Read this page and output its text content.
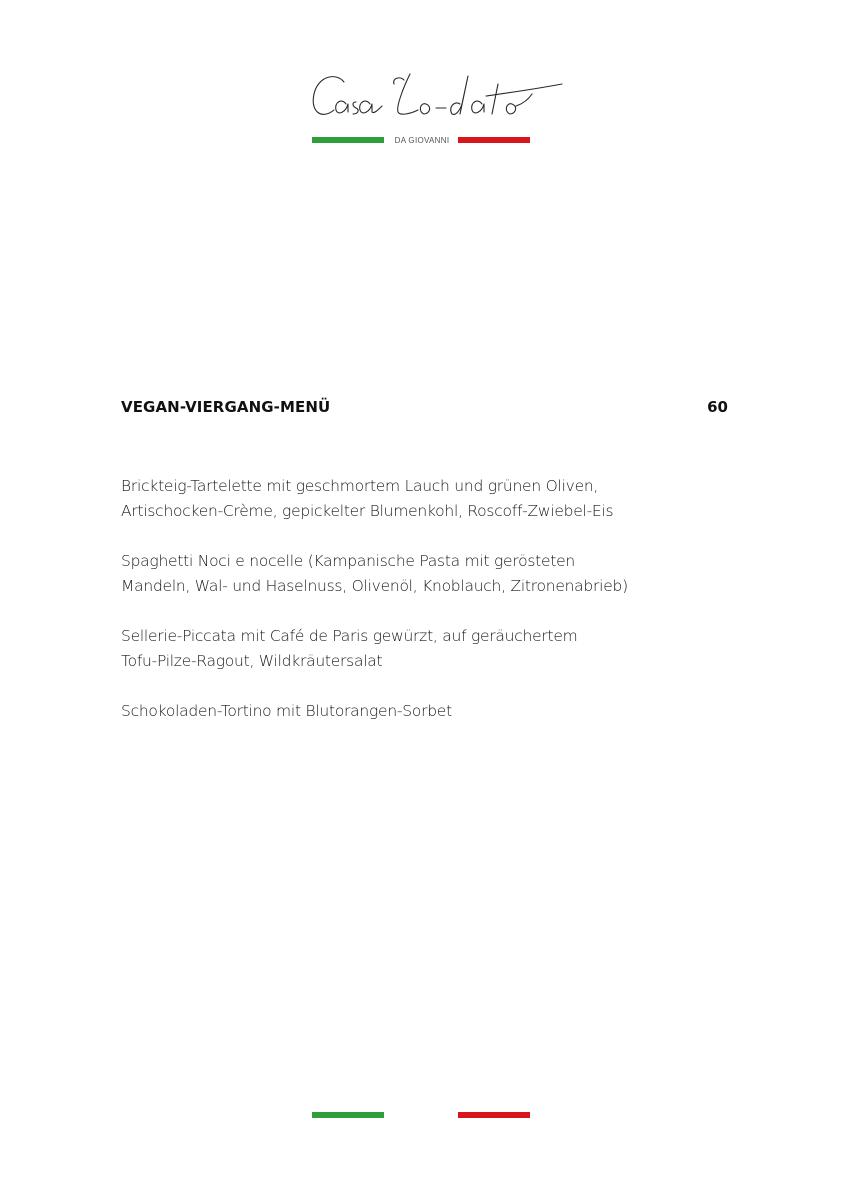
DA GIOVANNI
VEGAN-VIERGANG-MENÜ	60
Brickteig-Tartelette mit geschmortem Lauch und grünen Oliven,
Artischocken-Crème, gepickelter Blumenkohl, Roscoff-Zwiebel-Eis
Spaghetti Noci e nocelle (Kampanische Pasta mit gerösteten
Mandeln, Wal- und Haselnuss, Olivenöl, Knoblauch, Zitronenabrieb)
Sellerie-Piccata mit Café de Paris gewürzt, auf geräuchertem
Tofu-Pilze-Ragout, Wildkräutersalat
Schokoladen-Tortino mit Blutorangen-Sorbet
